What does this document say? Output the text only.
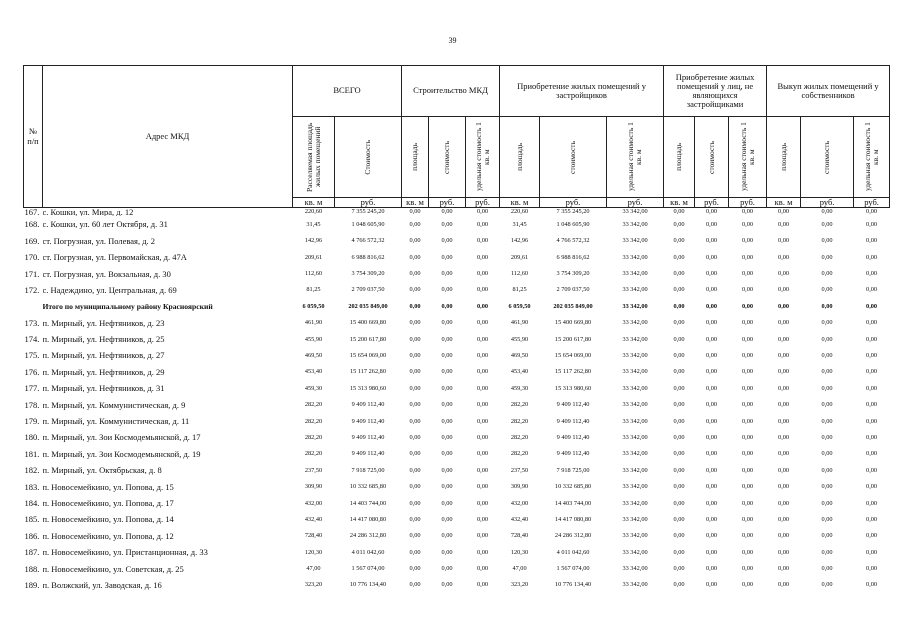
39
№
п/п	Адрес МКД	ВСЕГО		Строительство МКД			Приобретение жилых помещений у застройщиков			Приобретение жилых помещений у лиц, не являющихся застройщиками			Выкуп жилых помещений у собственников		

		Расселяемая площадь жилых помещений	Стоимость	площадь	стоимость	удельная стоимость 1 кв. м	площадь	стоимость	удельная стоимость 1 кв. м	площадь	стоимость	удельная стоимость 1 кв. м	площадь	стоимость	удельная стоимость 1 кв. м

		кв. м	руб.	кв. м	руб.	руб.	кв. м	руб.	руб.	кв. м	руб.	руб.	кв. м	руб.	руб.
167.	с. Кошки, ул. Мира, д. 12	220,60	7 355 245,20	0,00	0,00	0,00	220,60	7 355 245,20	33 342,00	0,00	0,00	0,00	0,00	0,00	0,00
168.	с. Кошки, ул. 60 лет Октября, д. 31	31,45	1 048 605,90	0,00	0,00	0,00	31,45	1 048 605,90	33 342,00	0,00	0,00	0,00	0,00	0,00	0,00
169.	ст. Погрузная, ул. Полевая, д. 2	142,96	4 766 572,32	0,00	0,00	0,00	142,96	4 766 572,32	33 342,00	0,00	0,00	0,00	0,00	0,00	0,00
170.	ст. Погрузная, ул. Первомайская, д. 47А	209,61	6 988 816,62	0,00	0,00	0,00	209,61	6 988 816,62	33 342,00	0,00	0,00	0,00	0,00	0,00	0,00
171.	ст. Погрузная, ул. Вокзальная, д. 30	112,60	3 754 309,20	0,00	0,00	0,00	112,60	3 754 309,20	33 342,00	0,00	0,00	0,00	0,00	0,00	0,00
172.	с. Надеждино, ул. Центральная, д. 69	81,25	2 709 037,50	0,00	0,00	0,00	81,25	2 709 037,50	33 342,00	0,00	0,00	0,00	0,00	0,00	0,00
	Итого по муниципальному району Красноярский	6 059,50	202 035 849,00	0,00	0,00	0,00	6 059,50	202 035 849,00	33 342,00	0,00	0,00	0,00	0,00	0,00	0,00
173.	п. Мирный, ул. Нефтяников, д. 23	461,90	15 400 669,80	0,00	0,00	0,00	461,90	15 400 669,80	33 342,00	0,00	0,00	0,00	0,00	0,00	0,00
174.	п. Мирный, ул. Нефтяников, д. 25	455,90	15 200 617,80	0,00	0,00	0,00	455,90	15 200 617,80	33 342,00	0,00	0,00	0,00	0,00	0,00	0,00
175.	п. Мирный, ул. Нефтяников, д. 27	469,50	15 654 069,00	0,00	0,00	0,00	469,50	15 654 069,00	33 342,00	0,00	0,00	0,00	0,00	0,00	0,00
176.	п. Мирный, ул. Нефтяников, д. 29	453,40	15 117 262,80	0,00	0,00	0,00	453,40	15 117 262,80	33 342,00	0,00	0,00	0,00	0,00	0,00	0,00
177.	п. Мирный, ул. Нефтяников, д. 31	459,30	15 313 980,60	0,00	0,00	0,00	459,30	15 313 980,60	33 342,00	0,00	0,00	0,00	0,00	0,00	0,00
178.	п. Мирный, ул. Коммунистическая, д. 9	282,20	9 409 112,40	0,00	0,00	0,00	282,20	9 409 112,40	33 342,00	0,00	0,00	0,00	0,00	0,00	0,00
179.	п. Мирный, ул. Коммунистическая, д. 11	282,20	9 409 112,40	0,00	0,00	0,00	282,20	9 409 112,40	33 342,00	0,00	0,00	0,00	0,00	0,00	0,00
180.	п. Мирный, ул. Зои Космодемьянской, д. 17	282,20	9 409 112,40	0,00	0,00	0,00	282,20	9 409 112,40	33 342,00	0,00	0,00	0,00	0,00	0,00	0,00
181.	п. Мирный, ул. Зои Космодемьянской, д. 19	282,20	9 409 112,40	0,00	0,00	0,00	282,20	9 409 112,40	33 342,00	0,00	0,00	0,00	0,00	0,00	0,00
182.	п. Мирный, ул. Октябрьская, д. 8	237,50	7 918 725,00	0,00	0,00	0,00	237,50	7 918 725,00	33 342,00	0,00	0,00	0,00	0,00	0,00	0,00
183.	п. Новосемейкино, ул. Попова, д. 15	309,90	10 332 685,80	0,00	0,00	0,00	309,90	10 332 685,80	33 342,00	0,00	0,00	0,00	0,00	0,00	0,00
184.	п. Новосемейкино, ул. Попова, д. 17	432,00	14 403 744,00	0,00	0,00	0,00	432,00	14 403 744,00	33 342,00	0,00	0,00	0,00	0,00	0,00	0,00
185.	п. Новосемейкино, ул. Попова, д. 14	432,40	14 417 080,80	0,00	0,00	0,00	432,40	14 417 080,80	33 342,00	0,00	0,00	0,00	0,00	0,00	0,00
186.	п. Новосемейкино, ул. Попова, д. 12	728,40	24 286 312,80	0,00	0,00	0,00	728,40	24 286 312,80	33 342,00	0,00	0,00	0,00	0,00	0,00	0,00
187.	п. Новосемейкино, ул. Пристанционная, д. 33	120,30	4 011 042,60	0,00	0,00	0,00	120,30	4 011 042,60	33 342,00	0,00	0,00	0,00	0,00	0,00	0,00
188.	п. Новосемейкино, ул. Советская, д. 25	47,00	1 567 074,00	0,00	0,00	0,00	47,00	1 567 074,00	33 342,00	0,00	0,00	0,00	0,00	0,00	0,00
189.	п. Волжский, ул. Заводская, д. 16	323,20	10 776 134,40	0,00	0,00	0,00	323,20	10 776 134,40	33 342,00	0,00	0,00	0,00	0,00	0,00	0,00
